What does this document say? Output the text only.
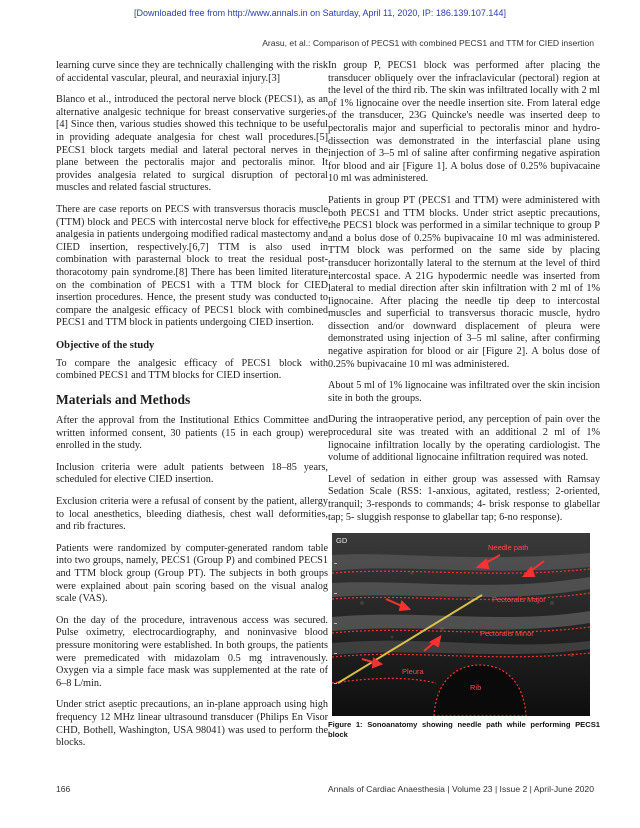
[Downloaded free from http://www.annals.in on Saturday, April 11, 2020, IP: 186.139.107.144]
Arasu, et al.: Comparison of PECS1 with combined PECS1 and TTM for CIED insertion

learning curve since they are technically challenging with the risk of accidental vascular, pleural, and neuraxial injury.[3]

Blanco et al., introduced the pectoral nerve block (PECS1), as an alternative analgesic technique for breast conservative surgeries.[4] Since then, various studies showed this technique to be useful in providing adequate analgesia for chest wall procedures.[5] PECS1 block targets medial and lateral pectoral nerves in the plane between the pectoralis major and pectoralis minor. It provides analgesia related to surgical disruption of pectoral muscles and related fascial structures.

There are case reports on PECS with transversus thoracis muscle (TTM) block and PECS with intercostal nerve block for effective analgesia in patients undergoing modified radical mastectomy and CIED insertion, respectively.[6,7] TTM is also used in combination with parasternal block to treat the residual post-thoracotomy pain syndrome.[8] There has been limited literature on the combination of PECS1 with a TTM block for CIED insertion procedures. Hence, the present study was conducted to compare the analgesic efficacy of PECS1 block with combined PECS1 and TTM block in patients undergoing CIED insertion.

Objective of the study

To compare the analgesic efficacy of PECS1 block with combined PECS1 and TTM blocks for CIED insertion.

Materials and Methods

After the approval from the Institutional Ethics Committee and written informed consent, 30 patients (15 in each group) were enrolled in the study.

Inclusion criteria were adult patients between 18–85 years, scheduled for elective CIED insertion.

Exclusion criteria were a refusal of consent by the patient, allergy to local anesthetics, bleeding diathesis, chest wall deformities, and rib fractures.

Patients were randomized by computer-generated random table into two groups, namely, PECS1 (Group P) and combined PECS1 and TTM block group (Group PT). The subjects in both groups were explained about pain scoring based on the visual analog scale (VAS).

On the day of the procedure, intravenous access was secured. Pulse oximetry, electrocardiography, and noninvasive blood pressure monitoring were established. In both groups, the patients were premedicated with midazolam 0.5 mg intravenously. Oxygen via a simple face mask was supplemented at the rate of 6–8 L/min.

Under strict aseptic precautions, an in-plane approach using high frequency 12 MHz linear ultrasound transducer (Philips En Visor CHD, Bothell, Washington, USA 98041) was used to perform the blocks.

In group P, PECS1 block was performed after placing the transducer obliquely over the infraclavicular (pectoral) region at the level of the third rib. The skin was infiltrated locally with 2 ml of 1% lignocaine over the needle insertion site. From lateral edge of the transducer, 23G Quincke's needle was inserted deep to pectoralis major and superficial to pectoralis minor and hydro-dissection was demonstrated in the interfascial plane using injection of 3–5 ml of saline after confirming negative aspiration for blood and air [Figure 1]. A bolus dose of 0.25% bupivacaine 10 ml was administered.

Patients in group PT (PECS1 and TTM) were administered with both PECS1 and TTM blocks. Under strict aseptic precautions, the PECS1 block was performed in a similar technique to group P and a bolus dose of 0.25% bupivacaine 10 ml was administered. TTM block was performed on the same side by placing transducer horizontally lateral to the sternum at the level of third intercostal space. A 21G hypodermic needle was inserted from lateral to medial direction after skin infiltration with 2 ml of 1% lignocaine. After placing the needle tip deep to intercostal muscles and superficial to transversus thoracic muscle, hydro dissection and/or downward displacement of pleura were demonstrated using injection of 3–5 ml saline, after confirming negative aspiration for blood or air [Figure 2]. A bolus dose of 0.25% bupivacaine 10 ml was administered.

About 5 ml of 1% lignocaine was infiltrated over the skin incision site in both the groups.

During the intraoperative period, any perception of pain over the procedural site was treated with an additional 2 ml of 1% lignocaine infiltration locally by the operating cardiologist. The volume of additional lignocaine infiltration required was noted.

Level of sedation in either group was assessed with Ramsay Sedation Scale (RSS: 1-anxious, agitated, restless; 2-oriented, tranquil; 3-responds to commands; 4- brisk response to glabellar tap; 5- sluggish response to glabellar tap; 6-no response).

GD
Needle path
Pectoralis Major
Pectoralis Minor
Rib
Pleura

Figure 1: Sonoanatomy showing needle path while performing PECS1 block

166	Annals of Cardiac Anaesthesia | Volume 23 | Issue 2 | April-June 2020
